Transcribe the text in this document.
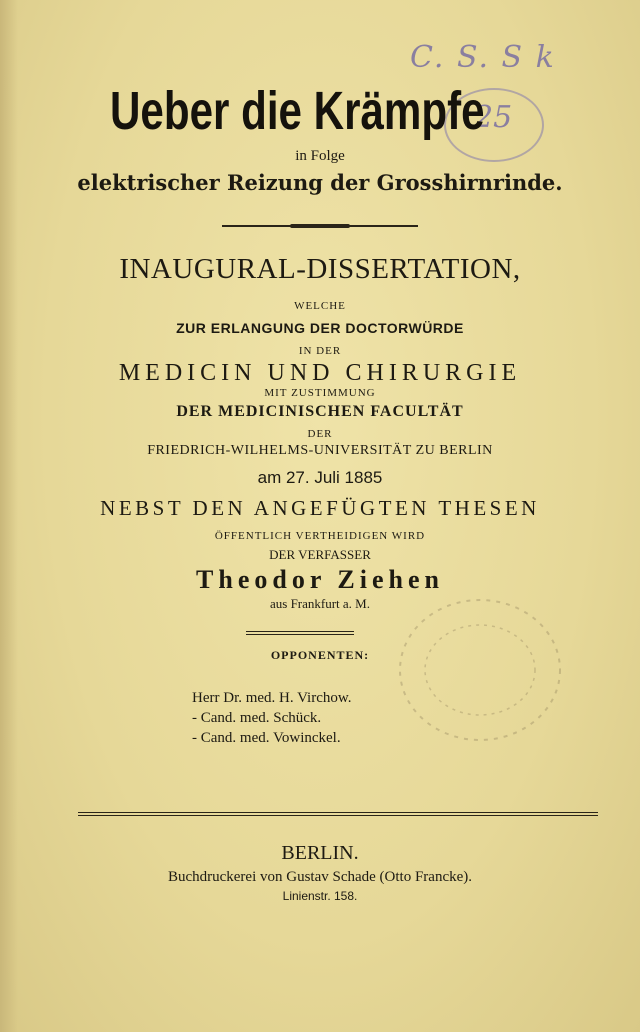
C. S. S k
25
Ueber die Krämpfe
in Folge
elektrischer Reizung der Grosshirnrinde.
INAUGURAL-DISSERTATION,
WELCHE
ZUR ERLANGUNG DER DOCTORWÜRDE
IN DER
MEDICIN UND CHIRURGIE
MIT ZUSTIMMUNG
DER MEDICINISCHEN FACULTÄT
DER
FRIEDRICH-WILHELMS-UNIVERSITÄT ZU BERLIN
am 27. Juli 1885
NEBST DEN ANGEFÜGTEN THESEN
ÖFFENTLICH VERTHEIDIGEN WIRD
DER VERFASSER
Theodor Ziehen
aus Frankfurt a. M.
OPPONENTEN:
Herr Dr. med. H. Virchow.
- Cand. med. Schück.
- Cand. med. Vowinckel.
BERLIN.
Buchdruckerei von Gustav Schade (Otto Francke).
Linienstr. 158.
